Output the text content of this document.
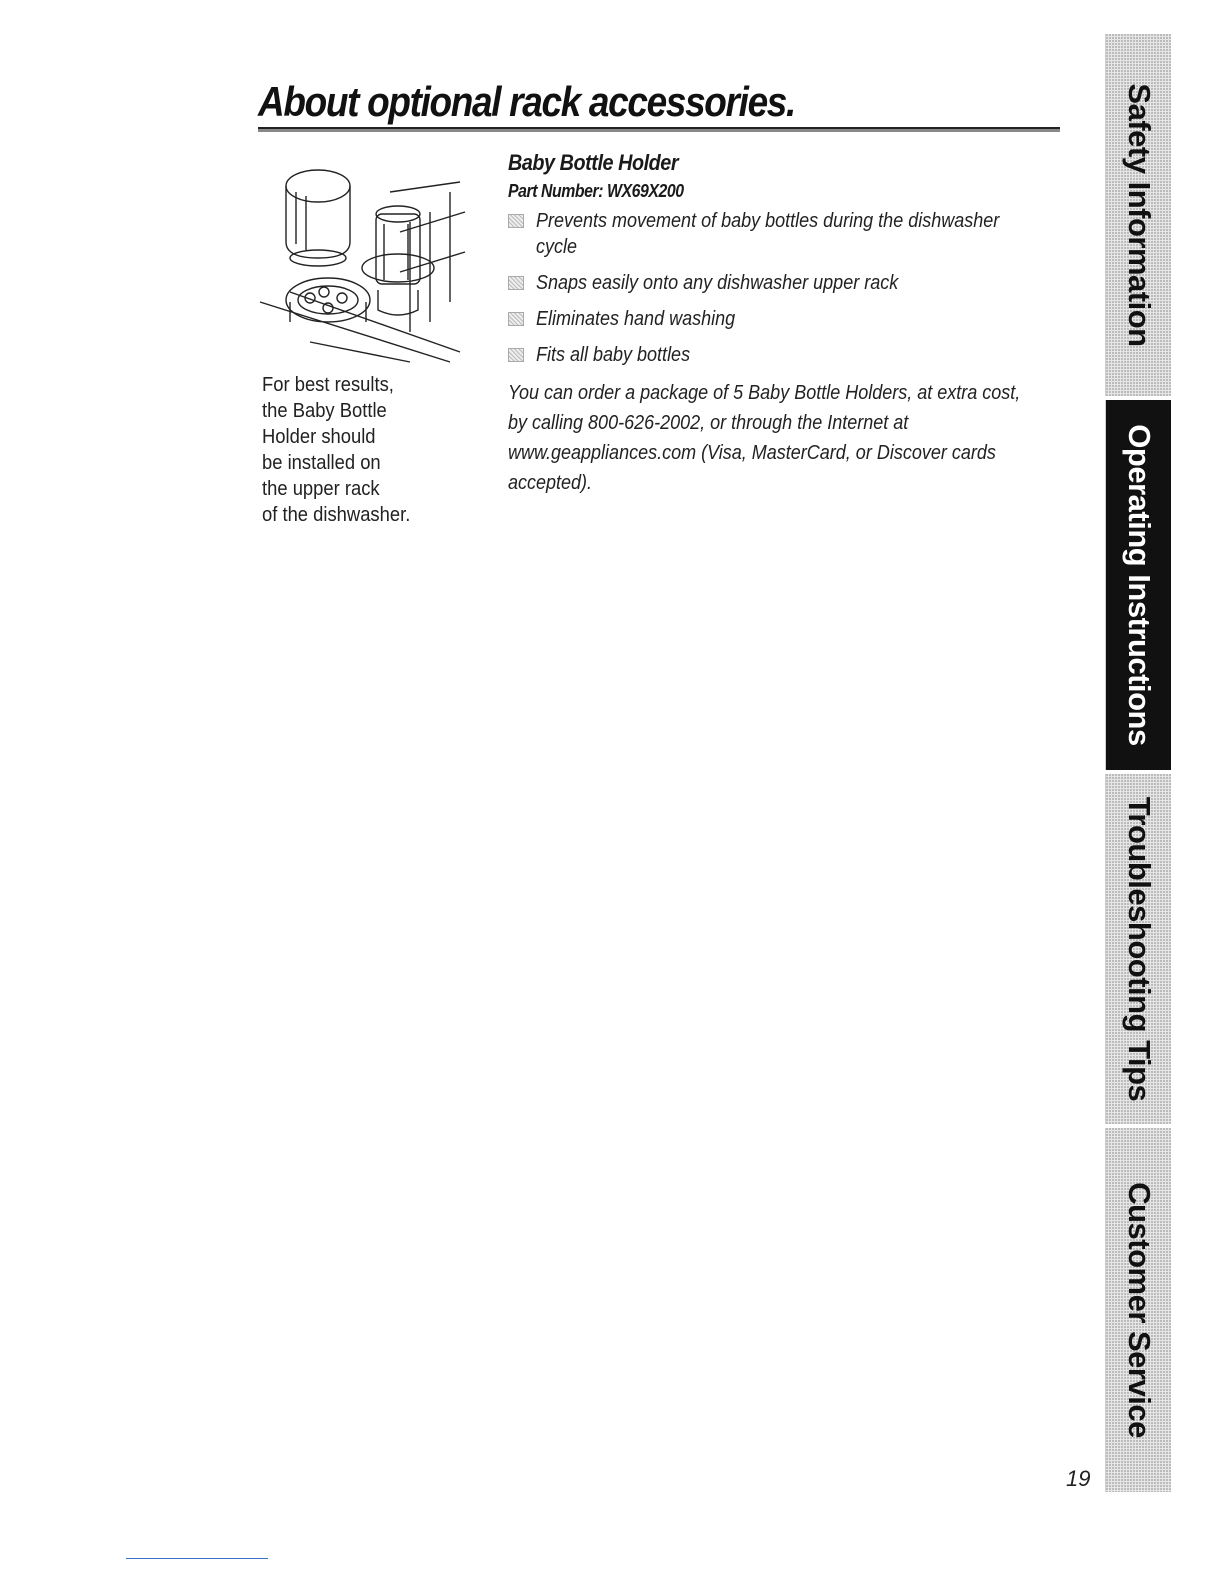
About optional rack accessories.
For best results,
the Baby Bottle
Holder should
be installed on
the upper rack
of the dishwasher.
Baby Bottle Holder
Part Number: WX69X200
Prevents movement of baby bottles during the dishwasher cycle
Snaps easily onto any dishwasher upper rack
Eliminates hand washing
Fits all baby bottles

You can order a package of 5 Baby Bottle Holders, at extra cost, by calling 800-626-2002, or through the Internet at www.geappliances.com (Visa, MasterCard, or Discover cards accepted).

Safety Information
Operating Instructions
Troubleshooting Tips
Customer Service
19
